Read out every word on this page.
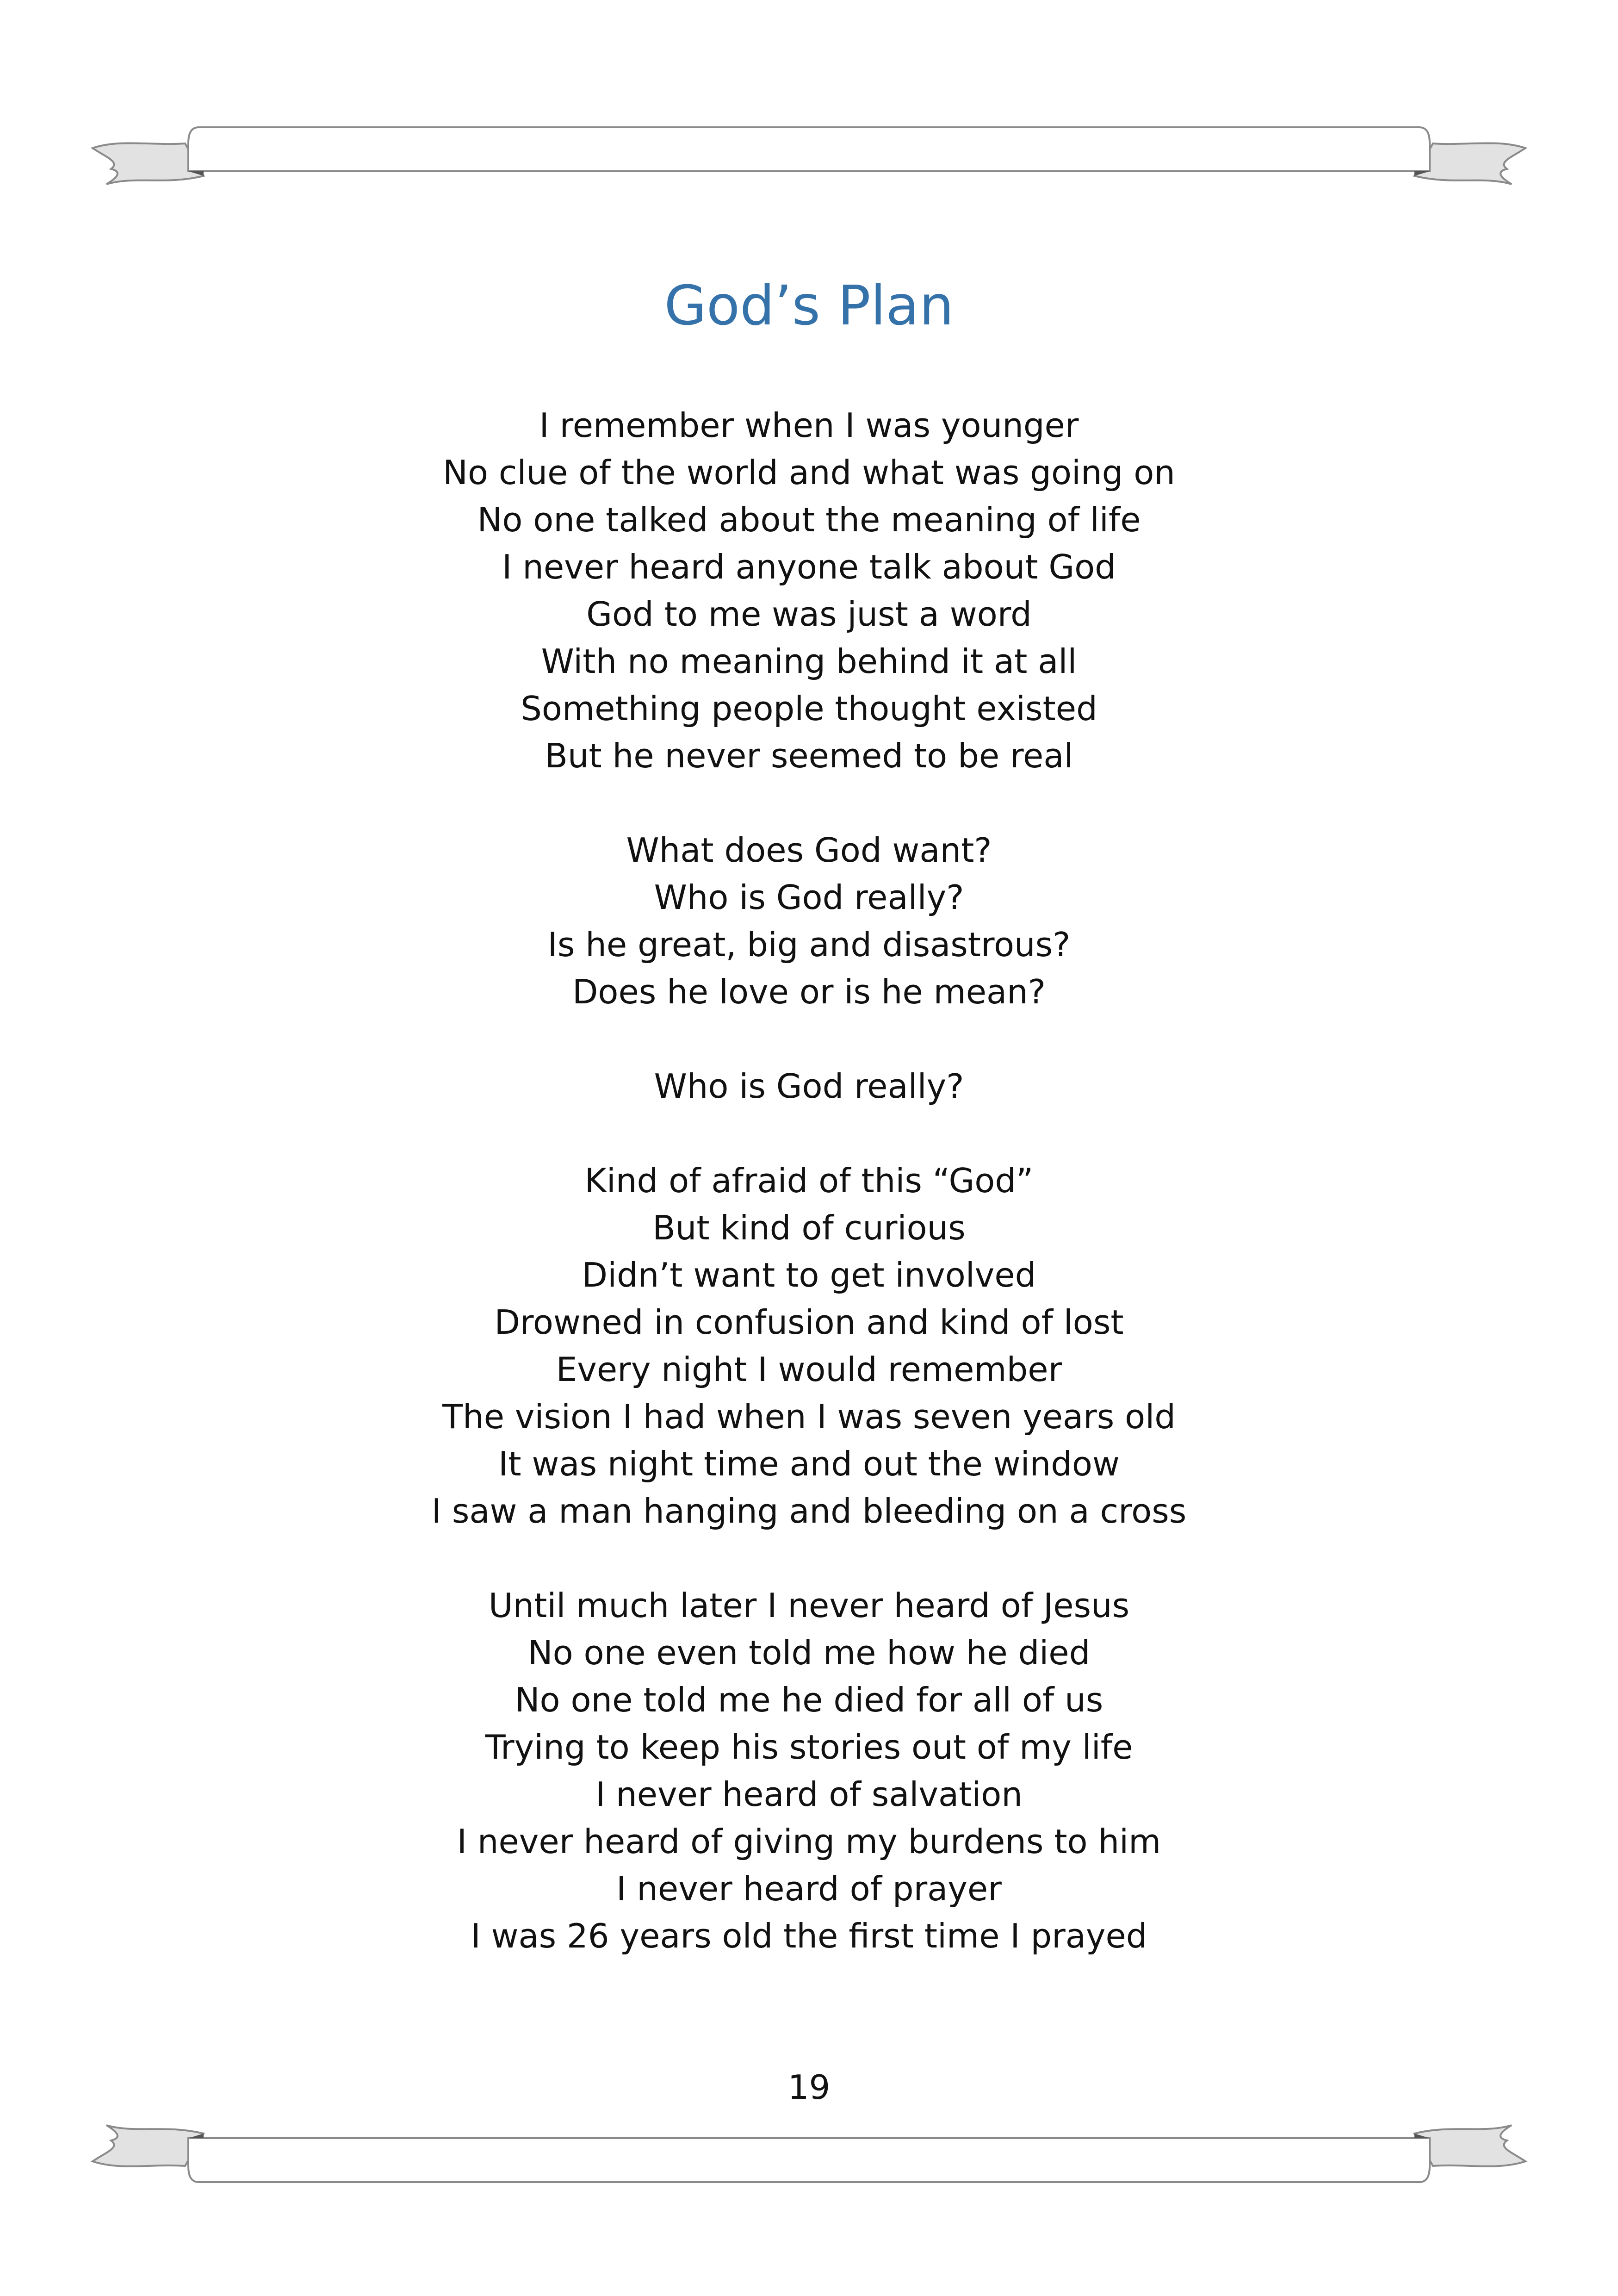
God’s Plan
I remember when I was younger
No clue of the world and what was going on
No one talked about the meaning of life
I never heard anyone talk about God
God to me was just a word
With no meaning behind it at all
Something people thought existed
But he never seemed to be real
What does God want?
Who is God really?
Is he great, big and disastrous?
Does he love or is he mean?
Who is God really?
Kind of afraid of this “God”
But kind of curious
Didn’t want to get involved
Drowned in confusion and kind of lost
Every night I would remember
The vision I had when I was seven years old
It was night time and out the window
I saw a man hanging and bleeding on a cross
Until much later I never heard of Jesus
No one even told me how he died
No one told me he died for all of us
Trying to keep his stories out of my life
I never heard of salvation
I never heard of giving my burdens to him
I never heard of prayer
I was 26 years old the first time I prayed
19
